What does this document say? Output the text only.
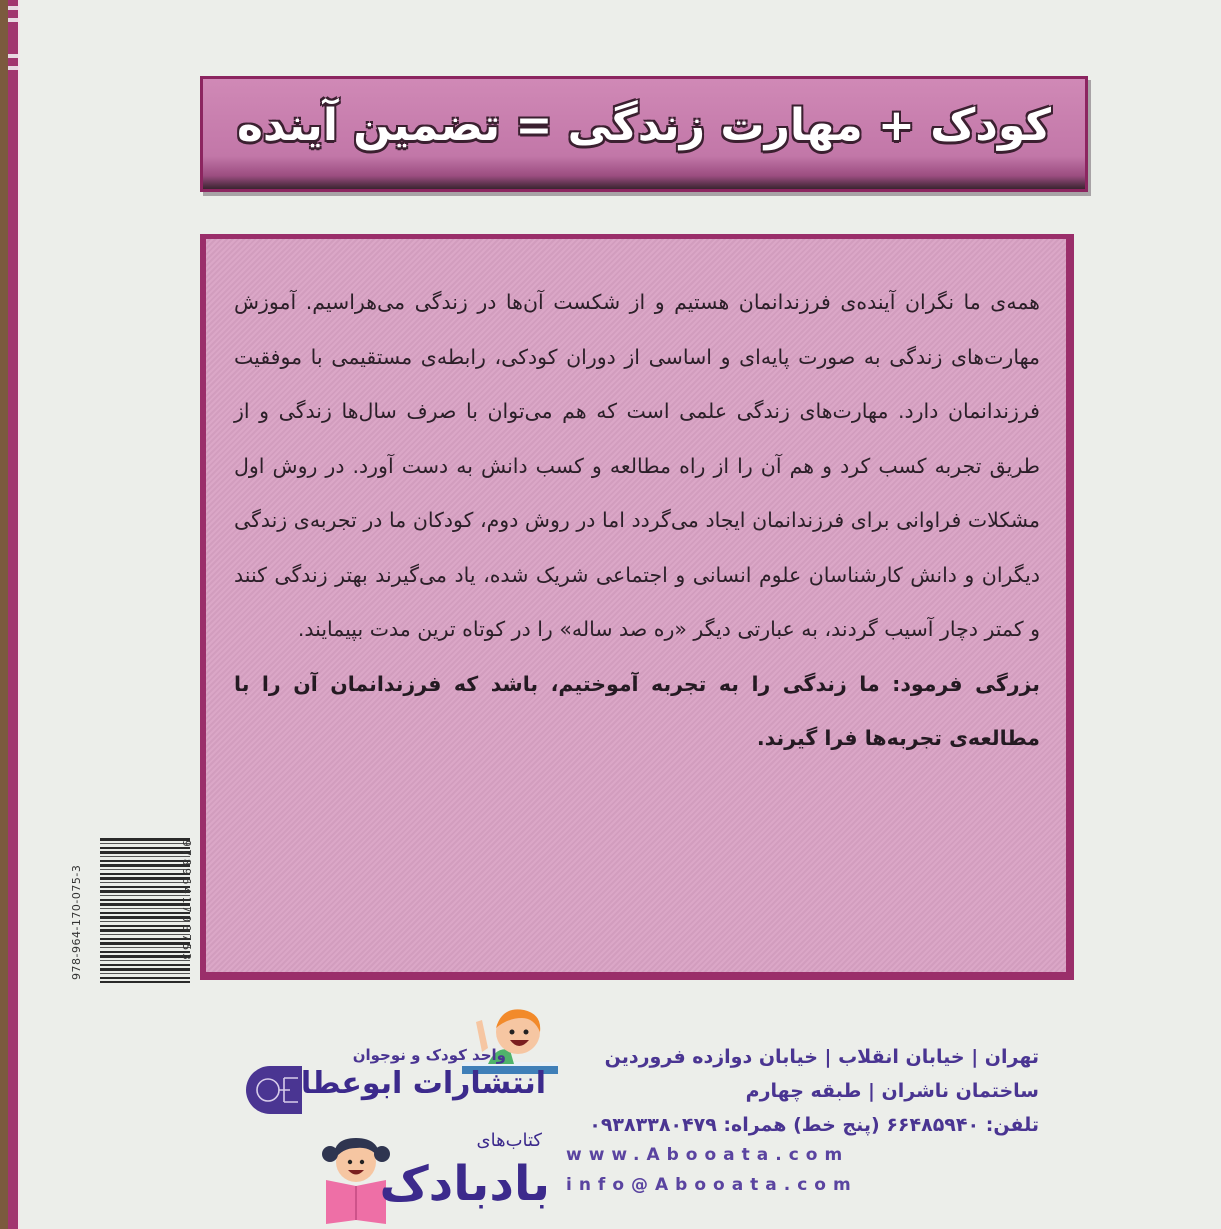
کودک + مهارت زندگی = تضمین آینده

همه‌ی ما نگران آینده‌ی فرزندانمان هستیم و از شکست آن‌ها در زندگی می‌هراسیم. آموزش مهارت‌های زندگی به صورت پایه‌ای و اساسی از دوران کودکی، رابطه‌ی مستقیمی با موفقیت فرزندانمان دارد. مهارت‌های زندگی علمی است که هم می‌توان با صرف سال‌ها زندگی و از طریق تجربه کسب کرد و هم آن را از راه مطالعه و کسب دانش به دست آورد. در روش اول مشکلات فراوانی برای فرزندانمان ایجاد می‌گردد اما در روش دوم، کودکان ما در تجربه‌ی زندگی دیگران و دانش کارشناسان علوم انسانی و اجتماعی شریک شده، یاد می‌گیرند بهتر زندگی کنند و کمتر دچار آسیب گردند، به عبارتی دیگر «ره صد ساله» را در کوتاه ترین مدت بپیمایند.

بزرگی فرمود: ما زندگی را به تجربه آموختیم، باشد که فرزندانمان آن را با مطالعه‌ی تجربه‌ها فرا گیرند.

978-964-170-075-3	9789641700753
واحد کودک و نوجوان
انتشارات ابوعطا
کتاب‌های
بادبادک
تهران | خیابان انقلاب | خیابان دوازده فروردین
ساختمان ناشران | طبقه چهارم
تلفن: ۶۶۴۸۵۹۴۰ (پنج خط) همراه: ۰۹۳۸۳۳۸۰۴۷۹
www.Abooata.com
info@Abooata.com
